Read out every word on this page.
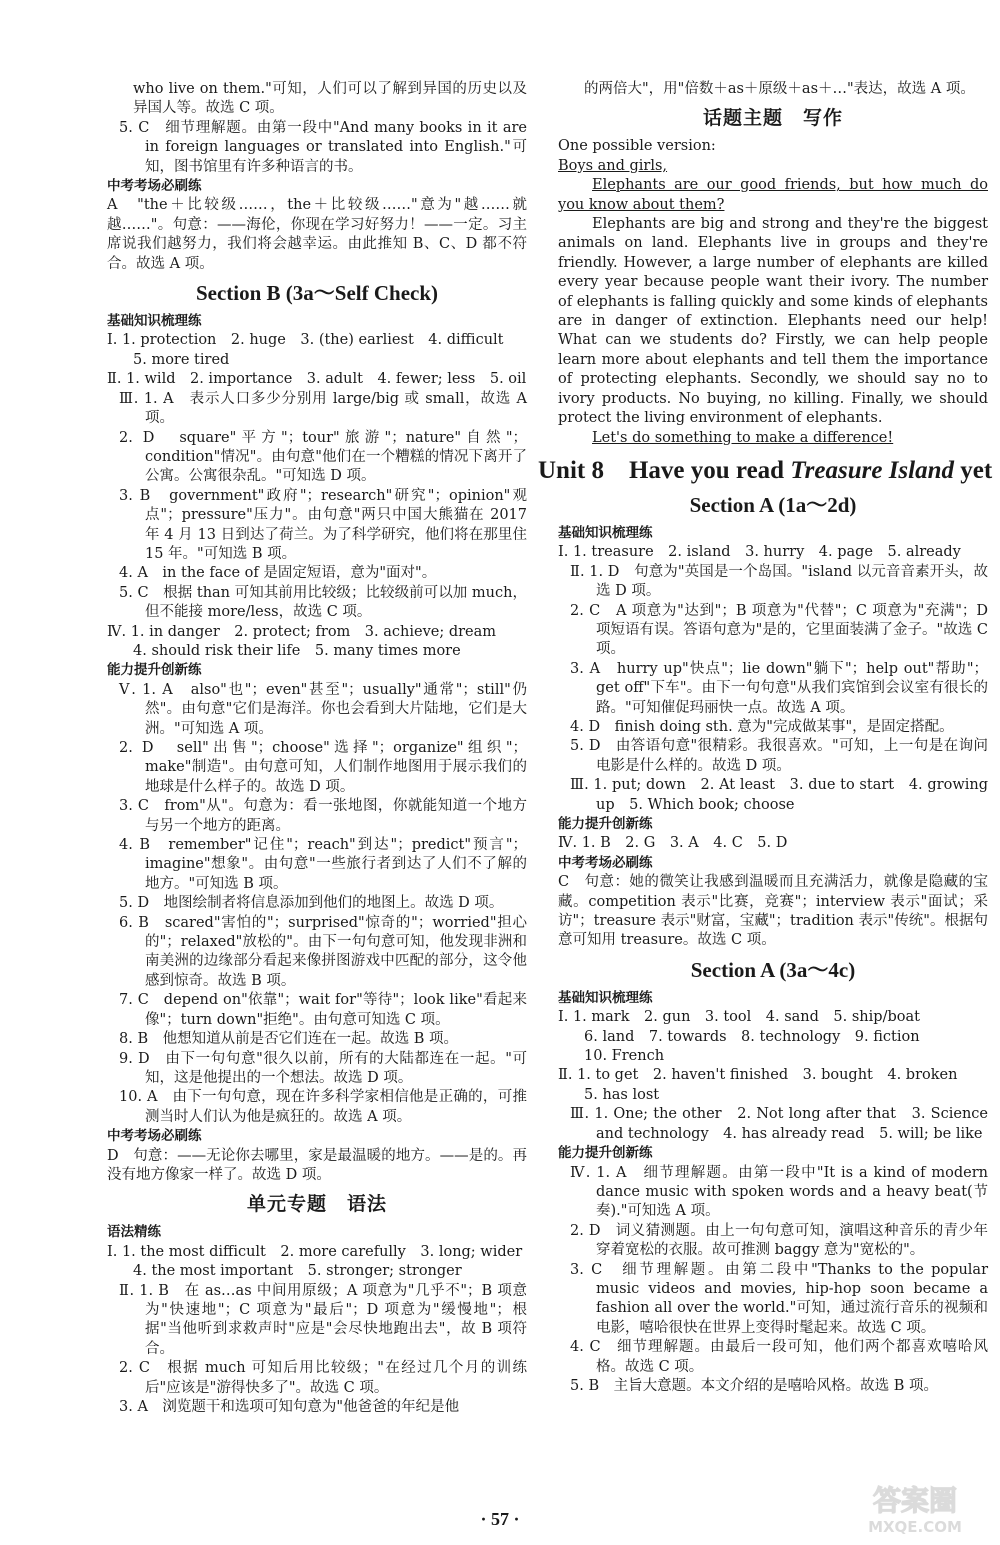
who live on them."可知，人们可以了解到异国的历史以及异国人等。故选 C 项。

5. C　细节理解题。由第一段中"And many books in it are in foreign languages or translated into English."可知，图书馆里有许多种语言的书。

中考考场必刷练

A　"the＋比较级……，the＋比较级……"意为"越……就越……"。句意：——海伦，你现在学习好努力！——一定。习主席说我们越努力，我们将会越幸运。由此推知 B、C、D 都不符合。故选 A 项。

Section B (3a～Self Check)

基础知识梳理练

Ⅰ. 1. protection　2. huge　3. (the) earliest　4. difficult

5. more tired

Ⅱ. 1. wild　2. importance　3. adult　4. fewer; less　5. oil

Ⅲ. 1. A　表示人口多少分别用 large/big 或 small，故选 A 项。

2. D　square"平方"；tour"旅游"；nature"自然"；condition"情况"。由句意"他们在一个糟糕的情况下离开了公寓。公寓很杂乱。"可知选 D 项。

3. B　government"政府"；research"研究"；opinion"观点"；pressure"压力"。由句意"两只中国大熊猫在 2017 年 4 月 13 日到达了荷兰。为了科学研究，他们将在那里住 15 年。"可知选 B 项。

4. A　in the face of 是固定短语，意为"面对"。

5. C　根据 than 可知其前用比较级；比较级前可以加 much，但不能接 more/less，故选 C 项。

Ⅳ. 1. in danger　2. protect; from　3. achieve; dream

4. should risk their life　5. many times more

能力提升创新练

Ⅴ. 1. A　also"也"；even"甚至"；usually"通常"；still"仍然"。由句意"它们是海洋。你也会看到大片陆地，它们是大洲。"可知选 A 项。

2. D　sell"出售"；choose"选择"；organize"组织"；make"制造"。由句意可知，人们制作地图用于展示我们的地球是什么样子的。故选 D 项。

3. C　from"从"。句意为：看一张地图，你就能知道一个地方与另一个地方的距离。

4. B　remember"记住"；reach"到达"；predict"预言"；imagine"想象"。由句意"一些旅行者到达了人们不了解的地方。"可知选 B 项。

5. D　地图绘制者将信息添加到他们的地图上。故选 D 项。

6. B　scared"害怕的"；surprised"惊奇的"；worried"担心的"；relaxed"放松的"。由下一句句意可知，他发现非洲和南美洲的边缘部分看起来像拼图游戏中匹配的部分，这令他感到惊奇。故选 B 项。

7. C　depend on"依靠"；wait for"等待"；look like"看起来像"；turn down"拒绝"。由句意可知选 C 项。

8. B　他想知道从前是否它们连在一起。故选 B 项。

9. D　由下一句句意"很久以前，所有的大陆都连在一起。"可知，这是他提出的一个想法。故选 D 项。

10. A　由下一句句意，现在许多科学家相信他是正确的，可推测当时人们认为他是疯狂的。故选 A 项。

中考考场必刷练

D　句意：——无论你去哪里，家是最温暖的地方。——是的。再没有地方像家一样了。故选 D 项。

单元专题　语法

语法精练

Ⅰ. 1. the most difficult　2. more carefully　3. long; wider

4. the most important　5. stronger; stronger

Ⅱ. 1. B　在 as…as 中间用原级；A 项意为"几乎不"；B 项意为"快速地"；C 项意为"最后"；D 项意为"缓慢地"；根据"当他听到求救声时"应是"会尽快地跑出去"，故 B 项符合。

2. C　根据 much 可知后用比较级；"在经过几个月的训练后"应该是"游得快多了"。故选 C 项。

3. A　浏览题干和选项可知句意为"他爸爸的年纪是他

的两倍大"，用"倍数＋as＋原级＋as＋…"表达，故选 A 项。

话题主题　写作

One possible version:

Boys and girls,

Elephants are our good friends, but how much do you know about them?

Elephants are big and strong and they're the biggest animals on land. Elephants live in groups and they're friendly. However, a large number of elephants are killed every year because people want their ivory. The number of elephants is falling quickly and some kinds of elephants are in danger of extinction. Elephants need our help! What can we students do? Firstly, we can help people learn more about elephants and tell them the importance of protecting elephants. Secondly, we should say no to ivory products. No buying, no killing. Finally, we should protect the living environment of elephants.

Let's do something to make a difference!

Unit 8　Have you read Treasure Island yet
Section A (1a～2d)

基础知识梳理练

Ⅰ. 1. treasure　2. island　3. hurry　4. page　5. already

Ⅱ. 1. D　句意为"英国是一个岛国。"island 以元音音素开头，故选 D 项。

2. C　A 项意为"达到"；B 项意为"代替"；C 项意为"充满"；D 项短语有误。答语句意为"是的，它里面装满了金子。"故选 C 项。

3. A　hurry up"快点"；lie down"躺下"；help out"帮助"；get off"下车"。由下一句句意"从我们宾馆到会议室有很长的路。"可知催促玛丽快一点。故选 A 项。

4. D　finish doing sth. 意为"完成做某事"，是固定搭配。

5. D　由答语句意"很精彩。我很喜欢。"可知，上一句是在询问电影是什么样的。故选 D 项。

Ⅲ. 1. put; down　2. At least　3. due to start　4. growing up　5. Which book; choose

能力提升创新练

Ⅳ. 1. B　2. G　3. A　4. C　5. D

中考考场必刷练

C　句意：她的微笑让我感到温暖而且充满活力，就像是隐藏的宝藏。competition 表示"比赛，竞赛"；interview 表示"面试；采访"；treasure 表示"财富，宝藏"；tradition 表示"传统"。根据句意可知用 treasure。故选 C 项。

Section A (3a～4c)

基础知识梳理练

Ⅰ. 1. mark　2. gun　3. tool　4. sand　5. ship/boat

6. land　7. towards　8. technology　9. fiction

10. French

Ⅱ. 1. to get　2. haven't finished　3. bought　4. broken

5. has lost

Ⅲ. 1. One; the other　2. Not long after that　3. Science and technology　4. has already read　5. will; be like

能力提升创新练

Ⅳ. 1. A　细节理解题。由第一段中"It is a kind of modern dance music with spoken words and a heavy beat(节奏)."可知选 A 项。

2. D　词义猜测题。由上一句句意可知，演唱这种音乐的青少年穿着宽松的衣服。故可推测 baggy 意为"宽松的"。

3. C　细节理解题。由第二段中"Thanks to the popular music videos and movies, hip-hop soon became a fashion all over the world."可知，通过流行音乐的视频和电影，嘻哈很快在世界上变得时髦起来。故选 C 项。

4. C　细节理解题。由最后一段可知，他们两个都喜欢嘻哈风格。故选 C 项。

5. B　主旨大意题。本文介绍的是嘻哈风格。故选 B 项。

· 57 ·
答案圈
MXQE.COM
